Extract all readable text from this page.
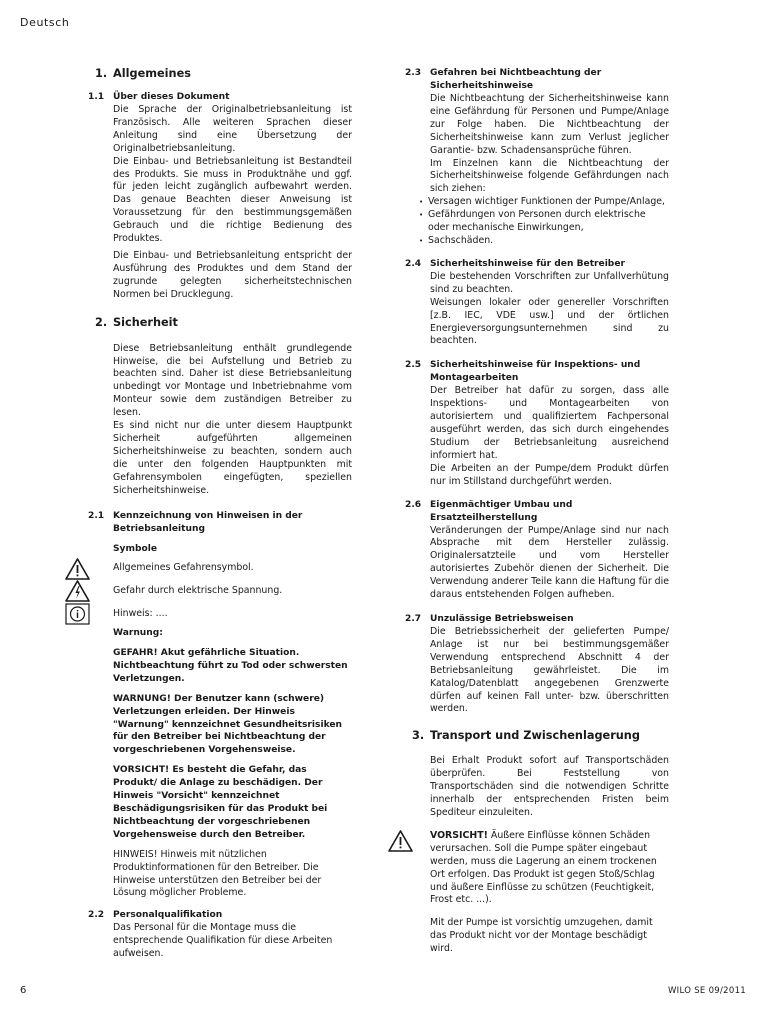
Deutsch
1. Allgemeines
1.1 Über dieses Dokument

Die Sprache der Originalbetriebsanleitung ist Französisch. Alle weiteren Sprachen dieser Anleitung sind eine Übersetzung der Originalbetriebsanleitung.

Die Einbau- und Betriebsanleitung ist Bestandteil des Produkts. Sie muss in Produktnähe und ggf. für jeden leicht zugänglich aufbewahrt werden. Das genaue Beachten dieser Anweisung ist Voraussetzung für den bestimmungsgemäßen Gebrauch und die richtige Bedienung des Produktes.

Die Einbau- und Betriebsanleitung entspricht der Ausführung des Produktes und dem Stand der zugrunde gelegten sicherheitstechnischen Normen bei Drucklegung.

2. Sicherheit

Diese Betriebsanleitung enthält grundlegende Hinweise, die bei Aufstellung und Betrieb zu beachten sind. Daher ist diese Betriebsanleitung unbedingt vor Montage und Inbetriebnahme vom Monteur sowie dem zuständigen Betreiber zu lesen.

Es sind nicht nur die unter diesem Hauptpunkt Sicherheit aufgeführten allgemeinen Sicherheitshinweise zu beachten, sondern auch die unter den folgenden Hauptpunkten mit Gefahrensymbolen eingefügten, speziellen Sicherheitshinweise.

2.1 Kennzeichnung von Hinweisen in der Betriebsanleitung

Symbole

Allgemeines Gefahrensymbol.

Gefahr durch elektrische Spannung.

Hinweis: ....

Warnung:

GEFAHR! Akut gefährliche Situation. Nichtbeachtung führt zu Tod oder schwersten Verletzungen.

WARNUNG! Der Benutzer kann (schwere) Verletzungen erleiden. Der Hinweis "Warnung" kennzeichnet Gesundheitsrisiken für den Betreiber bei Nichtbeachtung der vorgeschriebenen Vorgehensweise.

VORSICHT! Es besteht die Gefahr, das Produkt/ die Anlage zu beschädigen. Der Hinweis "Vorsicht" kennzeichnet Beschädigungsrisiken für das Produkt bei Nichtbeachtung der vorgeschriebenen Vorgehensweise durch den Betreiber.

HINWEIS! Hinweis mit nützlichen Produktinformationen für den Betreiber. Die Hinweise unterstützen den Betreiber bei der Lösung möglicher Probleme.

2.2 Personalqualifikation

Das Personal für die Montage muss die entsprechende Qualifikation für diese Arbeiten aufweisen.

2.3 Gefahren bei Nichtbeachtung der Sicherheitshinweise

Die Nichtbeachtung der Sicherheitshinweise kann eine Gefährdung für Personen und Pumpe/Anlage zur Folge haben. Die Nichtbeachtung der Sicherheitshinweise kann zum Verlust jeglicher Garantie- bzw. Schadensansprüche führen.

Im Einzelnen kann die Nichtbeachtung der Sicherheitshinweise folgende Gefährdungen nach sich ziehen:

• Versagen wichtiger Funktionen der Pumpe/Anlage,
• Gefährdungen von Personen durch elektrische oder mechanische Einwirkungen,
• Sachschäden.
2.4 Sicherheitshinweise für den Betreiber

Die bestehenden Vorschriften zur Unfallverhütung sind zu beachten.

Weisungen lokaler oder genereller Vorschriften [z.B. IEC, VDE usw.] und der örtlichen Energieversorgungsunternehmen sind zu beachten.

2.5 Sicherheitshinweise für Inspektions- und Montagearbeiten

Der Betreiber hat dafür zu sorgen, dass alle Inspektions- und Montagearbeiten von autorisiertem und qualifiziertem Fachpersonal ausgeführt werden, das sich durch eingehendes Studium der Betriebsanleitung ausreichend informiert hat.

Die Arbeiten an der Pumpe/dem Produkt dürfen nur im Stillstand durchgeführt werden.

2.6 Eigenmächtiger Umbau und Ersatzteilherstellung

Veränderungen der Pumpe/Anlage sind nur nach Absprache mit dem Hersteller zulässig. Originalersatzteile und vom Hersteller autorisiertes Zubehör dienen der Sicherheit. Die Verwendung anderer Teile kann die Haftung für die daraus entstehenden Folgen aufheben.

2.7 Unzulässige Betriebsweisen

Die Betriebssicherheit der gelieferten Pumpe/ Anlage ist nur bei bestimmungsgemäßer Verwendung entsprechend Abschnitt 4 der Betriebsanleitung gewährleistet. Die im Katalog/Datenblatt angegebenen Grenzwerte dürfen auf keinen Fall unter- bzw. überschritten werden.

3. Transport und Zwischenlagerung

Bei Erhalt Produkt sofort auf Transportschäden überprüfen. Bei Feststellung von Transportschäden sind die notwendigen Schritte innerhalb der entsprechenden Fristen beim Spediteur einzuleiten.

VORSICHT! Äußere Einflüsse können Schäden verursachen. Soll die Pumpe später eingebaut werden, muss die Lagerung an einem trockenen Ort erfolgen. Das Produkt ist gegen Stoß/Schlag und äußere Einflüsse zu schützen (Feuchtigkeit, Frost etc. ...).

Mit der Pumpe ist vorsichtig umzugehen, damit das Produkt nicht vor der Montage beschädigt wird.

6	WILO SE 09/2011
